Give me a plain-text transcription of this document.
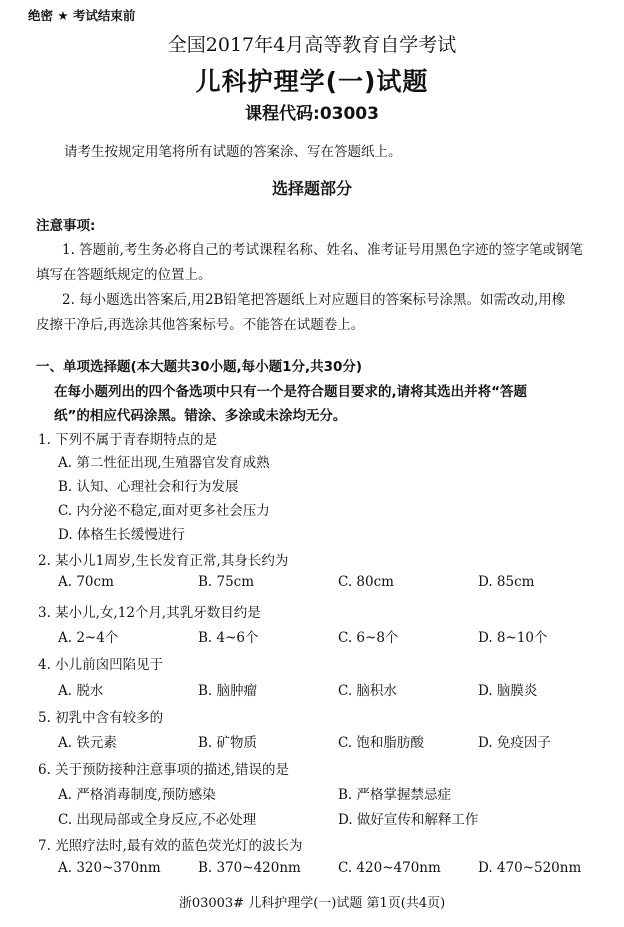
绝密 ★ 考试结束前
全国2017年4月高等教育自学考试
儿科护理学(一)试题
课程代码:03003
请考生按规定用笔将所有试题的答案涂、写在答题纸上。
选择题部分
注意事项:
1. 答题前,考生务必将自己的考试课程名称、姓名、准考证号用黑色字迹的签字笔或钢笔
填写在答题纸规定的位置上。
2. 每小题选出答案后,用2B铅笔把答题纸上对应题目的答案标号涂黑。如需改动,用橡
皮擦干净后,再选涂其他答案标号。不能答在试题卷上。
一、单项选择题(本大题共30小题,每小题1分,共30分)
在每小题列出的四个备选项中只有一个是符合题目要求的,请将其选出并将“答题
纸”的相应代码涂黑。错涂、多涂或未涂均无分。
1. 下列不属于青春期特点的是
A. 第二性征出现,生殖器官发育成熟
B. 认知、心理社会和行为发展
C. 内分泌不稳定,面对更多社会压力
D. 体格生长缓慢进行
2. 某小儿1周岁,生长发育正常,其身长约为
A. 70cm	B. 75cm	C. 80cm	D. 85cm
3. 某小儿,女,12个月,其乳牙数目约是
A. 2~4个	B. 4~6个	C. 6~8个	D. 8~10个
4. 小儿前囟凹陷见于
A. 脱水	B. 脑肿瘤	C. 脑积水	D. 脑膜炎
5. 初乳中含有较多的
A. 铁元素	B. 矿物质	C. 饱和脂肪酸	D. 免疫因子
6. 关于预防接种注意事项的描述,错误的是
A. 严格消毒制度,预防感染	B. 严格掌握禁忌症
C. 出现局部或全身反应,不必处理	D. 做好宣传和解释工作
7. 光照疗法时,最有效的蓝色荧光灯的波长为
A. 320~370nm	B. 370~420nm	C. 420~470nm	D. 470~520nm
浙03003# 儿科护理学(一)试题 第1页(共4页)
